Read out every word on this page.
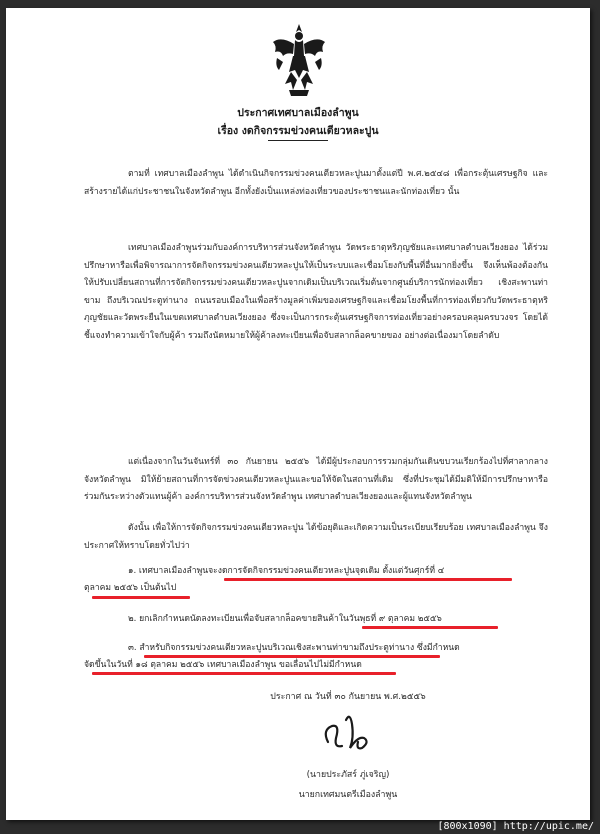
ประกาศเทศบาลเมืองลำพูน
เรื่อง งดกิจกรรมข่วงคนเตียวหละปูน

ตามที่ เทศบาลเมืองลำพูน ได้ดำเนินกิจกรรมข่วงคนเตียวหละปูนมาตั้งแต่ปี พ.ศ.๒๕๔๘ เพื่อกระตุ้นเศรษฐกิจ และสร้างรายได้แก่ประชาชนในจังหวัดลำพูน อีกทั้งยังเป็นแหล่งท่องเที่ยวของประชาชนและนักท่องเที่ยว นั้น

เทศบาลเมืองลำพูนร่วมกับองค์การบริหารส่วนจังหวัดลำพูน วัดพระธาตุหริภุญชัยและเทศบาลตำบลเวียงยอง ได้ร่วมปรึกษาหารือเพื่อพิจารณาการจัดกิจกรรมข่วงคนเตียวหละปูนให้เป็นระบบและเชื่อมโยงกับพื้นที่อื่นมากยิ่งขึ้น จึงเห็นพ้องต้องกันให้ปรับเปลี่ยนสถานที่การจัดกิจกรรมข่วงคนเตียวหละปูนจากเดิมเป็นบริเวณเริ่มต้นจากศูนย์บริการนักท่องเที่ยว เชิงสะพานท่าขาม ถึงบริเวณประตูท่านาง ถนนรอบเมืองในเพื่อสร้างมูลค่าเพิ่มของเศรษฐกิจและเชื่อมโยงพื้นที่การท่องเที่ยวกับวัดพระธาตุหริภุญชัยและวัดพระยืนในเขตเทศบาลตำบลเวียงยอง ซึ่งจะเป็นการกระตุ้นเศรษฐกิจการท่องเที่ยวอย่างครอบคลุมครบวงจร โดยได้ชี้แจงทำความเข้าใจกับผู้ค้า รวมถึงนัดหมายให้ผู้ค้าลงทะเบียนเพื่อจับสลากล็อคขายของ อย่างต่อเนื่องมาโดยลำดับ

แต่เนื่องจากในวันจันทร์ที่ ๓๐ กันยายน ๒๕๕๖ ได้มีผู้ประกอบการรวมกลุ่มกันเดินขบวนเรียกร้องไปที่ศาลากลางจังหวัดลำพูน มิให้ย้ายสถานที่การจัดข่วงคนเตียวหละปูนและขอให้จัดในสถานที่เดิม ซึ่งที่ประชุมได้มีมติให้มีการปรึกษาหารือร่วมกันระหว่างตัวแทนผู้ค้า องค์การบริหารส่วนจังหวัดลำพูน เทศบาลตำบลเวียงยองและผู้แทนจังหวัดลำพูน

ดังนั้น เพื่อให้การจัดกิจกรรมข่วงคนเตียวหละปูน ได้ข้อยุติและเกิดความเป็นระเบียบเรียบร้อย เทศบาลเมืองลำพูน จึงประกาศให้ทราบโดยทั่วไปว่า

๑. เทศบาลเมืองลำพูนจะงดการจัดกิจกรรมข่วงคนเตียวหละปูนจุดเดิม ตั้งแต่วันศุกร์ที่ ๔
ตุลาคม ๒๕๕๖ เป็นต้นไป
๒. ยกเลิกกำหนดนัดลงทะเบียนเพื่อจับสลากล็อคขายสินค้าในวันพุธที่ ๙ ตุลาคม ๒๕๕๖
๓. สำหรับกิจกรรมข่วงคนเตียวหละปูนบริเวณเชิงสะพานท่าขามถึงประตูท่านาง ซึ่งมีกำหนด
จัดขึ้นในวันที่ ๑๘ ตุลาคม ๒๕๕๖ เทศบาลเมืองลำพูน ขอเลื่อนไปไม่มีกำหนด
ประกาศ ณ วันที่ ๓๐ กันยายน พ.ศ.๒๕๕๖
(นายประภัสร์ ภู่เจริญ)
นายกเทศมนตรีเมืองลำพูน
[800x1090] http://upic.me/
